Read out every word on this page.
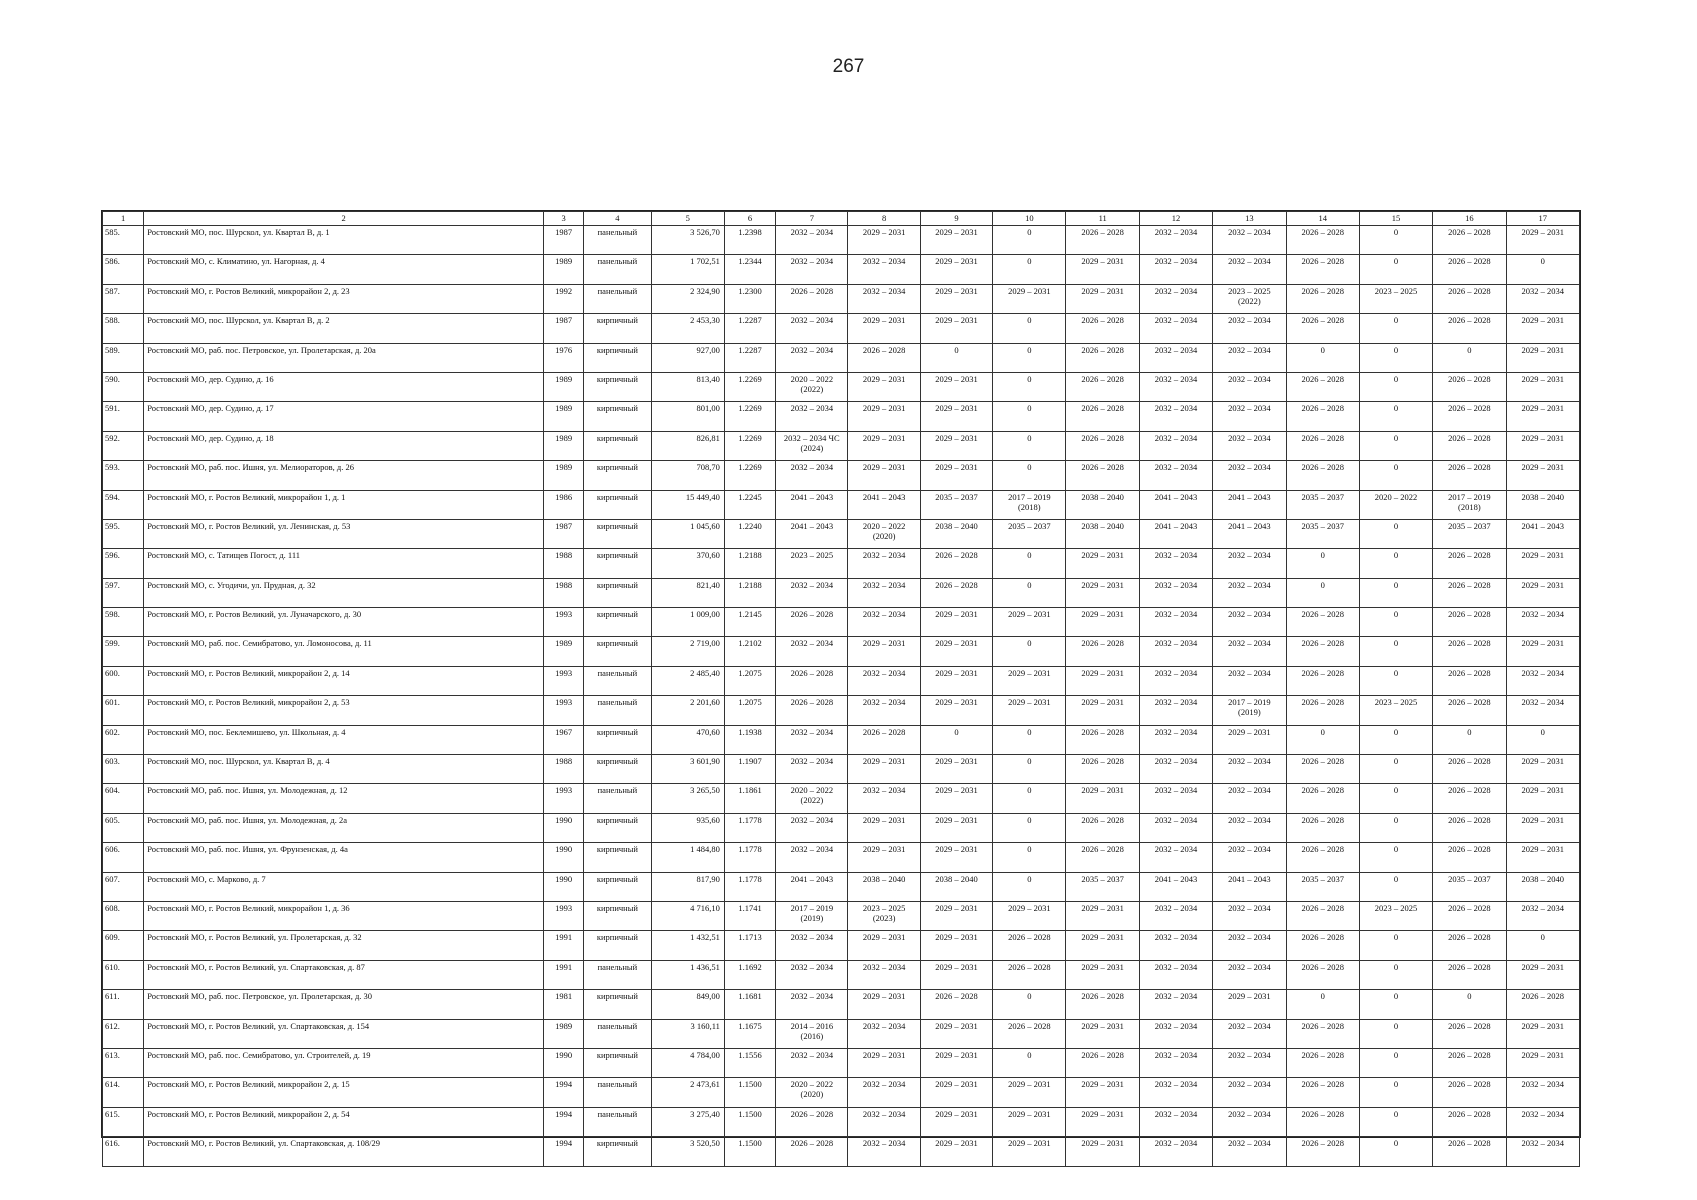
267
1	2	3	4	5	6	7	8	9	10	11	12	13	14	15	16	17

585.	Ростовский МО, пос. Шурскол, ул. Квартал В, д. 1	1987	панельный	3 526,70	1.2398	2032 – 2034	2029 – 2031	2029 – 2031	0	2026 – 2028	2032 – 2034	2032 – 2034	2026 – 2028	0	2026 – 2028	2029 – 2031

586.	Ростовский МО, с. Климатино, ул. Нагорная, д. 4	1989	панельный	1 702,51	1.2344	2032 – 2034	2032 – 2034	2029 – 2031	0	2029 – 2031	2032 – 2034	2032 – 2034	2026 – 2028	0	2026 – 2028	0

587.	Ростовский МО, г. Ростов Великий, микрорайон 2, д. 23	1992	панельный	2 324,90	1.2300	2026 – 2028	2032 – 2034	2029 – 2031	2029 – 2031	2029 – 2031	2032 – 2034	2023 – 2025
(2022)	2026 – 2028	2023 – 2025	2026 – 2028	2032 – 2034

588.	Ростовский МО, пос. Шурскол, ул. Квартал В, д. 2	1987	кирпичный	2 453,30	1.2287	2032 – 2034	2029 – 2031	2029 – 2031	0	2026 – 2028	2032 – 2034	2032 – 2034	2026 – 2028	0	2026 – 2028	2029 – 2031

589.	Ростовский МО, раб. пос. Петровское, ул. Пролетарская, д. 20а	1976	кирпичный	927,00	1.2287	2032 – 2034	2026 – 2028	0	0	2026 – 2028	2032 – 2034	2032 – 2034	0	0	0	2029 – 2031

590.	Ростовский МО, дер. Судино, д. 16	1989	кирпичный	813,40	1.2269	2020 – 2022
(2022)	2029 – 2031	2029 – 2031	0	2026 – 2028	2032 – 2034	2032 – 2034	2026 – 2028	0	2026 – 2028	2029 – 2031

591.	Ростовский МО, дер. Судино, д. 17	1989	кирпичный	801,00	1.2269	2032 – 2034	2029 – 2031	2029 – 2031	0	2026 – 2028	2032 – 2034	2032 – 2034	2026 – 2028	0	2026 – 2028	2029 – 2031

592.	Ростовский МО, дер. Судино, д. 18	1989	кирпичный	826,81	1.2269	2032 – 2034 ЧС
(2024)	2029 – 2031	2029 – 2031	0	2026 – 2028	2032 – 2034	2032 – 2034	2026 – 2028	0	2026 – 2028	2029 – 2031

593.	Ростовский МО, раб. пос. Ишня, ул. Мелиораторов, д. 26	1989	кирпичный	708,70	1.2269	2032 – 2034	2029 – 2031	2029 – 2031	0	2026 – 2028	2032 – 2034	2032 – 2034	2026 – 2028	0	2026 – 2028	2029 – 2031

594.	Ростовский МО, г. Ростов Великий, микрорайон 1, д. 1	1986	кирпичный	15 449,40	1.2245	2041 – 2043	2041 – 2043	2035 – 2037	2017 – 2019
(2018)	2038 – 2040	2041 – 2043	2041 – 2043	2035 – 2037	2020 – 2022	2017 – 2019
(2018)	2038 – 2040

595.	Ростовский МО, г. Ростов Великий, ул. Ленинская, д. 53	1987	кирпичный	1 045,60	1.2240	2041 – 2043	2020 – 2022
(2020)	2038 – 2040	2035 – 2037	2038 – 2040	2041 – 2043	2041 – 2043	2035 – 2037	0	2035 – 2037	2041 – 2043

596.	Ростовский МО, с. Татищев Погост, д. 111	1988	кирпичный	370,60	1.2188	2023 – 2025	2032 – 2034	2026 – 2028	0	2029 – 2031	2032 – 2034	2032 – 2034	0	0	2026 – 2028	2029 – 2031

597.	Ростовский МО, с. Угодичи, ул. Прудная, д. 32	1988	кирпичный	821,40	1.2188	2032 – 2034	2032 – 2034	2026 – 2028	0	2029 – 2031	2032 – 2034	2032 – 2034	0	0	2026 – 2028	2029 – 2031

598.	Ростовский МО, г. Ростов Великий, ул. Луначарского, д. 30	1993	кирпичный	1 009,00	1.2145	2026 – 2028	2032 – 2034	2029 – 2031	2029 – 2031	2029 – 2031	2032 – 2034	2032 – 2034	2026 – 2028	0	2026 – 2028	2032 – 2034

599.	Ростовский МО, раб. пос. Семибратово, ул. Ломоносова, д. 11	1989	кирпичный	2 719,00	1.2102	2032 – 2034	2029 – 2031	2029 – 2031	0	2026 – 2028	2032 – 2034	2032 – 2034	2026 – 2028	0	2026 – 2028	2029 – 2031

600.	Ростовский МО, г. Ростов Великий, микрорайон 2, д. 14	1993	панельный	2 485,40	1.2075	2026 – 2028	2032 – 2034	2029 – 2031	2029 – 2031	2029 – 2031	2032 – 2034	2032 – 2034	2026 – 2028	0	2026 – 2028	2032 – 2034

601.	Ростовский МО, г. Ростов Великий, микрорайон 2, д. 53	1993	панельный	2 201,60	1.2075	2026 – 2028	2032 – 2034	2029 – 2031	2029 – 2031	2029 – 2031	2032 – 2034	2017 – 2019
(2019)	2026 – 2028	2023 – 2025	2026 – 2028	2032 – 2034

602.	Ростовский МО, пос. Беклемишево, ул. Школьная, д. 4	1967	кирпичный	470,60	1.1938	2032 – 2034	2026 – 2028	0	0	2026 – 2028	2032 – 2034	2029 – 2031	0	0	0	0

603.	Ростовский МО, пос. Шурскол, ул. Квартал В, д. 4	1988	кирпичный	3 601,90	1.1907	2032 – 2034	2029 – 2031	2029 – 2031	0	2026 – 2028	2032 – 2034	2032 – 2034	2026 – 2028	0	2026 – 2028	2029 – 2031

604.	Ростовский МО, раб. пос. Ишня, ул. Молодежная, д. 12	1993	панельный	3 265,50	1.1861	2020 – 2022
(2022)	2032 – 2034	2029 – 2031	0	2029 – 2031	2032 – 2034	2032 – 2034	2026 – 2028	0	2026 – 2028	2029 – 2031

605.	Ростовский МО, раб. пос. Ишня, ул. Молодежная, д. 2а	1990	кирпичный	935,60	1.1778	2032 – 2034	2029 – 2031	2029 – 2031	0	2026 – 2028	2032 – 2034	2032 – 2034	2026 – 2028	0	2026 – 2028	2029 – 2031

606.	Ростовский МО, раб. пос. Ишня, ул. Фрунзенская, д. 4а	1990	кирпичный	1 484,80	1.1778	2032 – 2034	2029 – 2031	2029 – 2031	0	2026 – 2028	2032 – 2034	2032 – 2034	2026 – 2028	0	2026 – 2028	2029 – 2031

607.	Ростовский МО, с. Марково, д. 7	1990	кирпичный	817,90	1.1778	2041 – 2043	2038 – 2040	2038 – 2040	0	2035 – 2037	2041 – 2043	2041 – 2043	2035 – 2037	0	2035 – 2037	2038 – 2040

608.	Ростовский МО, г. Ростов Великий, микрорайон 1, д. 36	1993	кирпичный	4 716,10	1.1741	2017 – 2019
(2019)	2023 – 2025
(2023)	2029 – 2031	2029 – 2031	2029 – 2031	2032 – 2034	2032 – 2034	2026 – 2028	2023 – 2025	2026 – 2028	2032 – 2034

609.	Ростовский МО, г. Ростов Великий, ул. Пролетарская, д. 32	1991	кирпичный	1 432,51	1.1713	2032 – 2034	2029 – 2031	2029 – 2031	2026 – 2028	2029 – 2031	2032 – 2034	2032 – 2034	2026 – 2028	0	2026 – 2028	0

610.	Ростовский МО, г. Ростов Великий, ул. Спартаковская, д. 87	1991	панельный	1 436,51	1.1692	2032 – 2034	2032 – 2034	2029 – 2031	2026 – 2028	2029 – 2031	2032 – 2034	2032 – 2034	2026 – 2028	0	2026 – 2028	2029 – 2031

611.	Ростовский МО, раб. пос. Петровское, ул. Пролетарская, д. 30	1981	кирпичный	849,00	1.1681	2032 – 2034	2029 – 2031	2026 – 2028	0	2026 – 2028	2032 – 2034	2029 – 2031	0	0	0	2026 – 2028

612.	Ростовский МО, г. Ростов Великий, ул. Спартаковская, д. 154	1989	панельный	3 160,11	1.1675	2014 – 2016
(2016)	2032 – 2034	2029 – 2031	2026 – 2028	2029 – 2031	2032 – 2034	2032 – 2034	2026 – 2028	0	2026 – 2028	2029 – 2031

613.	Ростовский МО, раб. пос. Семибратово, ул. Строителей, д. 19	1990	кирпичный	4 784,00	1.1556	2032 – 2034	2029 – 2031	2029 – 2031	0	2026 – 2028	2032 – 2034	2032 – 2034	2026 – 2028	0	2026 – 2028	2029 – 2031

614.	Ростовский МО, г. Ростов Великий, микрорайон 2, д. 15	1994	панельный	2 473,61	1.1500	2020 – 2022
(2020)	2032 – 2034	2029 – 2031	2029 – 2031	2029 – 2031	2032 – 2034	2032 – 2034	2026 – 2028	0	2026 – 2028	2032 – 2034

615.	Ростовский МО, г. Ростов Великий, микрорайон 2, д. 54	1994	панельный	3 275,40	1.1500	2026 – 2028	2032 – 2034	2029 – 2031	2029 – 2031	2029 – 2031	2032 – 2034	2032 – 2034	2026 – 2028	0	2026 – 2028	2032 – 2034

616.	Ростовский МО, г. Ростов Великий, ул. Спартаковская, д. 108/29	1994	кирпичный	3 520,50	1.1500	2026 – 2028	2032 – 2034	2029 – 2031	2029 – 2031	2029 – 2031	2032 – 2034	2032 – 2034	2026 – 2028	0	2026 – 2028	2032 – 2034
